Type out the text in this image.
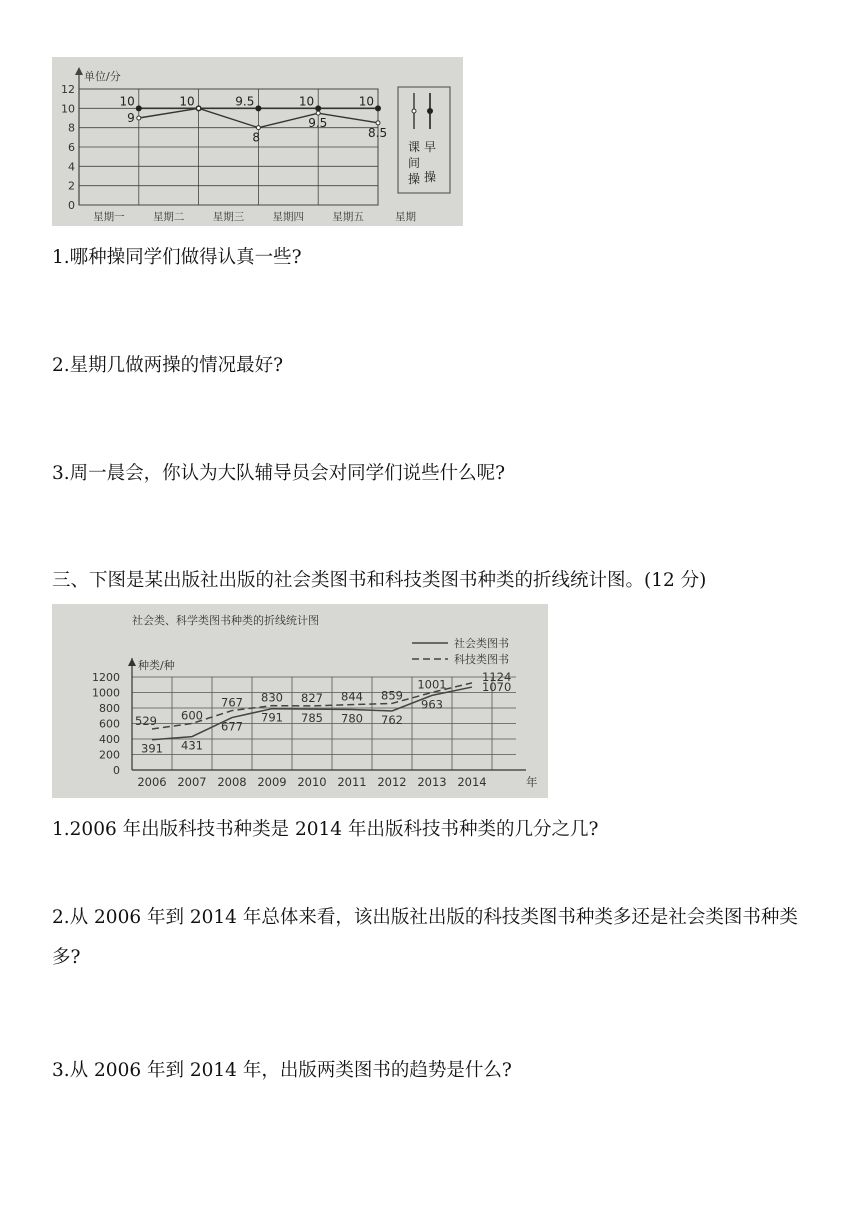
0
2
4
6
8
10
12
单位/分
星期一	星期二	星期三	星期四	星期五	星期
10	10	9.5	10	10
9
8
9.5
8.5
课
间
操
早
操

1.哪种操同学们做得认真一些?

2.星期几做两操的情况最好?

3.周一晨会，你认为大队辅导员会对同学们说些什么呢?

三、下图是某出版社出版的社会类图书和科技类图书种类的折线统计图。(12 分)

社会类、科学类图书种类的折线统计图
0
200
400
600
800
1000
1200
种类/种
2006 2007 2008 2009 2010 2011 2012 2013 2014	年
391 431
677
791 785 780 762
963
1070
529 600
767 830 827 844 859
1001
1124
社会类图书
科技类图书

1.2006 年出版科技书种类是 2014 年出版科技书种类的几分之几?

2.从 2006 年到 2014 年总体来看，该出版社出版的科技类图书种类多还是社会类图书种类多?

3.从 2006 年到 2014 年，出版两类图书的趋势是什么?
